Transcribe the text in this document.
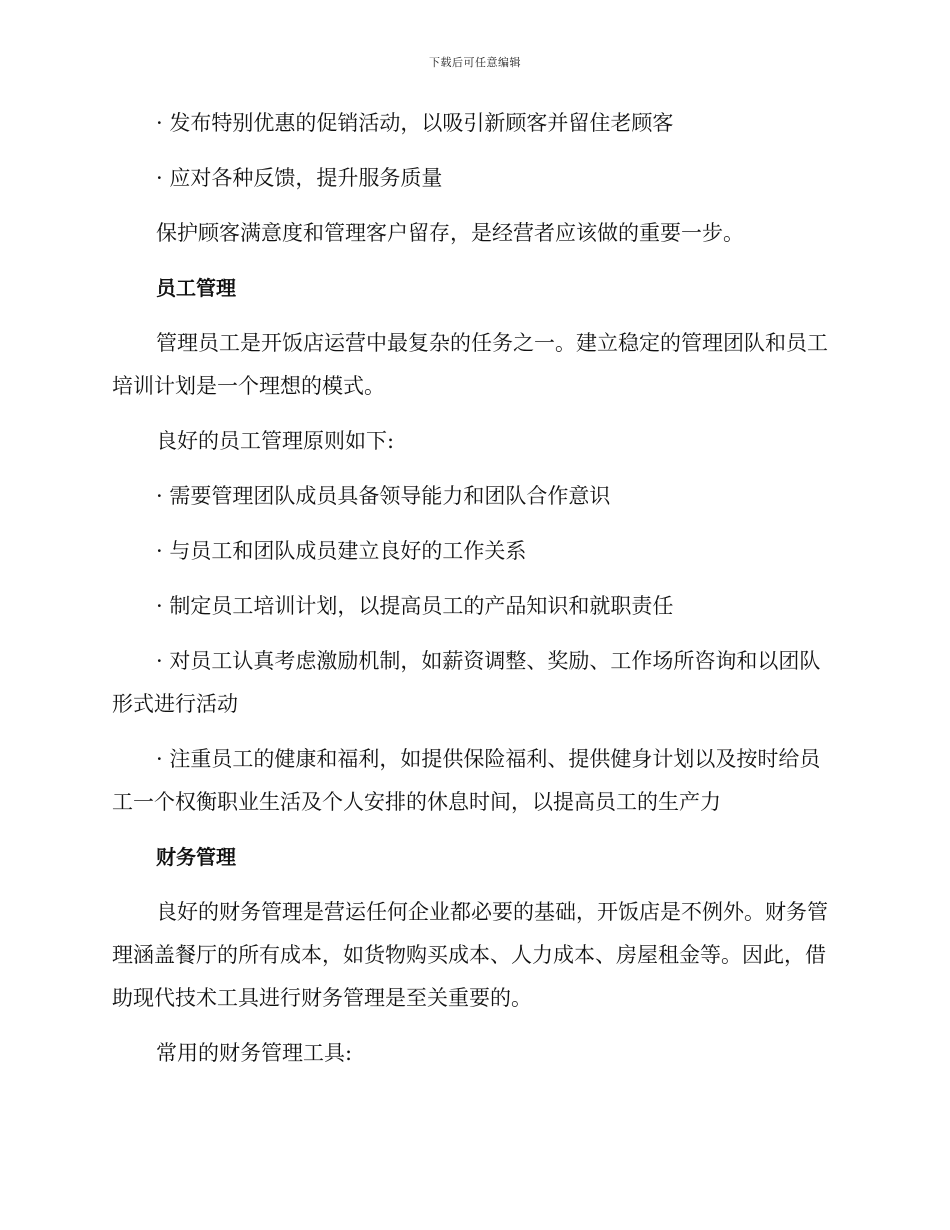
下载后可任意编辑

· 发布特别优惠的促销活动，以吸引新顾客并留住老顾客

· 应对各种反馈，提升服务质量

保护顾客满意度和管理客户留存，是经营者应该做的重要一步。

员工管理

管理员工是开饭店运营中最复杂的任务之一。建立稳定的管理团队和员工培训计划是一个理想的模式。

良好的员工管理原则如下:

· 需要管理团队成员具备领导能力和团队合作意识

· 与员工和团队成员建立良好的工作关系

· 制定员工培训计划，以提高员工的产品知识和就职责任

· 对员工认真考虑激励机制，如薪资调整、奖励、工作场所咨询和以团队形式进行活动

· 注重员工的健康和福利，如提供保险福利、提供健身计划以及按时给员工一个权衡职业生活及个人安排的休息时间，以提高员工的生产力

财务管理

良好的财务管理是营运任何企业都必要的基础，开饭店是不例外。财务管理涵盖餐厅的所有成本，如货物购买成本、人力成本、房屋租金等。因此，借助现代技术工具进行财务管理是至关重要的。

常用的财务管理工具:
